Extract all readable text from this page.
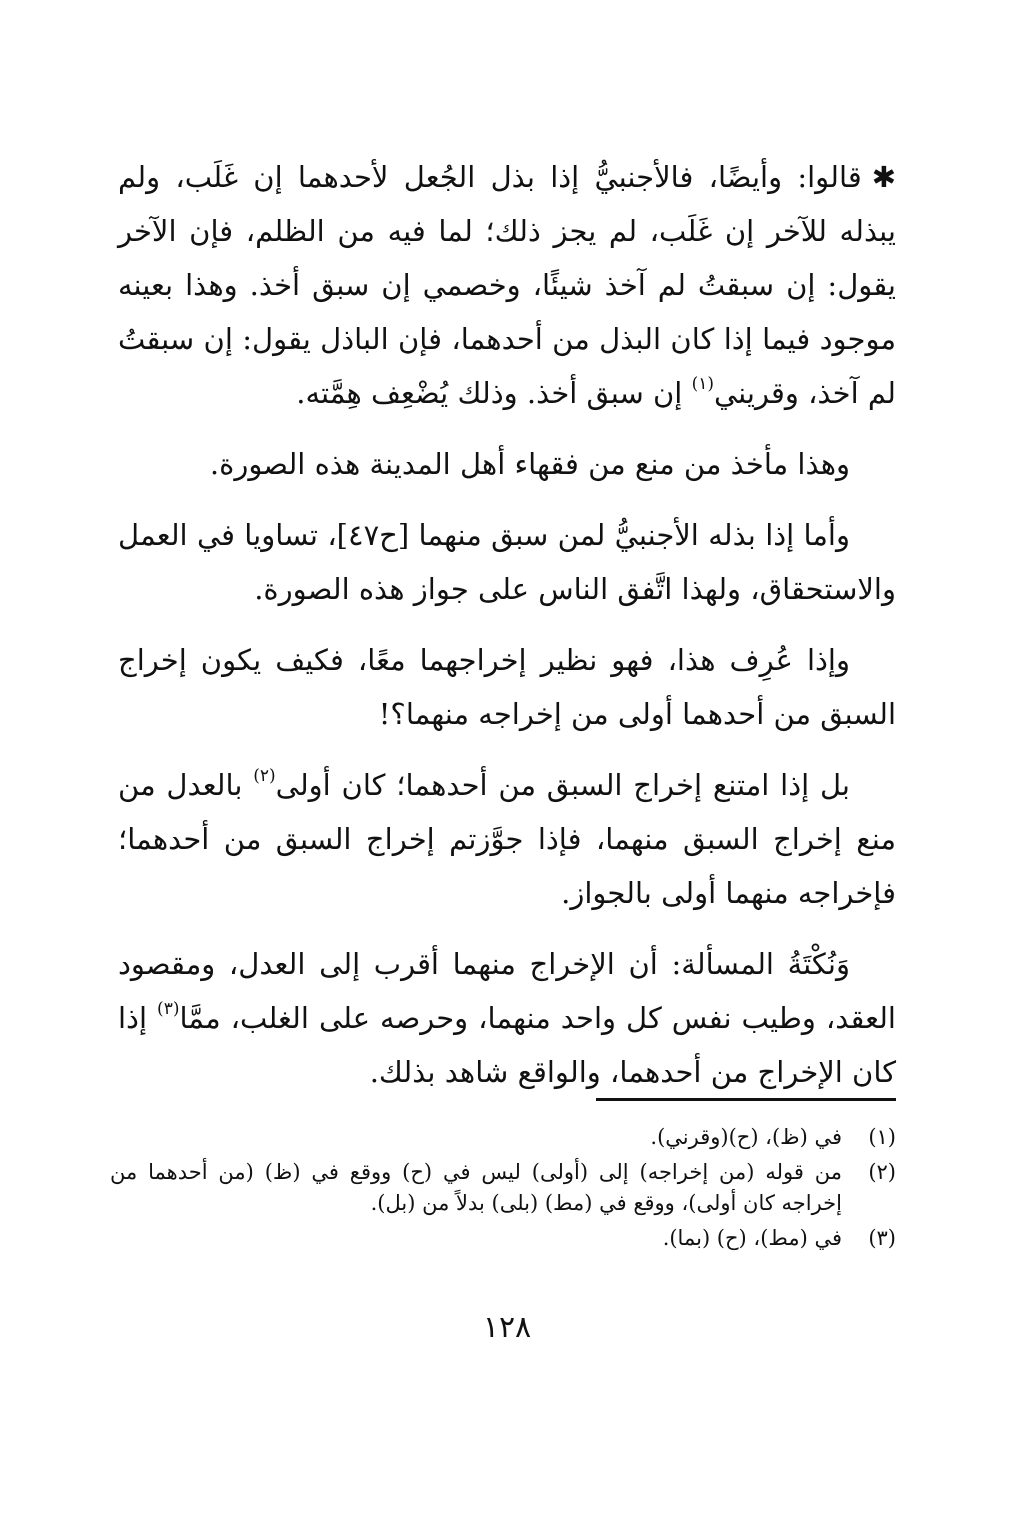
✱قالوا: وأيضًا، فالأجنبيُّ إذا بذل الجُعل لأحدهما إن غَلَب، ولم يبذله للآخر إن غَلَب، لم يجز ذلك؛ لما فيه من الظلم، فإن الآخر يقول: إن سبقتُ لم آخذ شيئًا، وخصمي إن سبق أخذ. وهذا بعينه موجود فيما إذا كان البذل من أحدهما، فإن الباذل يقول: إن سبقتُ لم آخذ، وقريني$^{(١)}$ إن سبق أخذ. وذلك يُضْعِف هِمَّته.

وهذا مأخذ من منع من فقهاء أهل المدينة هذه الصورة.

وأما إذا بذله الأجنبيُّ لمن سبق منهما [ح٤٧]، تساويا في العمل والاستحقاق، ولهذا اتَّفق الناس على جواز هذه الصورة.

وإذا عُرِف هذا، فهو نظير إخراجهما معًا، فكيف يكون إخراج السبق من أحدهما أولى من إخراجه منهما؟!

بل إذا امتنع إخراج السبق من أحدهما؛ كان أولى$^{(٢)}$ بالعدل من منع إخراج السبق منهما، فإذا جوَّزتم إخراج السبق من أحدهما؛ فإخراجه منهما أولى بالجواز.

وَنُكْتَةُ المسألة: أن الإخراج منهما أقرب إلى العدل، ومقصود العقد، وطيب نفس كل واحد منهما، وحرصه على الغلب، ممَّا$^{(٣)}$ إذا كان الإخراج من أحدهما، والواقع شاهد بذلك.

(١)
في (ظ)، (ح)(وقرني).
(٢)
من قوله (من إخراجه) إلى (أولى) ليس في (ح) ووقع في (ظ) (من أحدهما من إخراجه كان أولى)، ووقع في (مط) (بلى) بدلاً من (بل).
(٣)
في (مط)، (ح) (بما).
١٢٨
